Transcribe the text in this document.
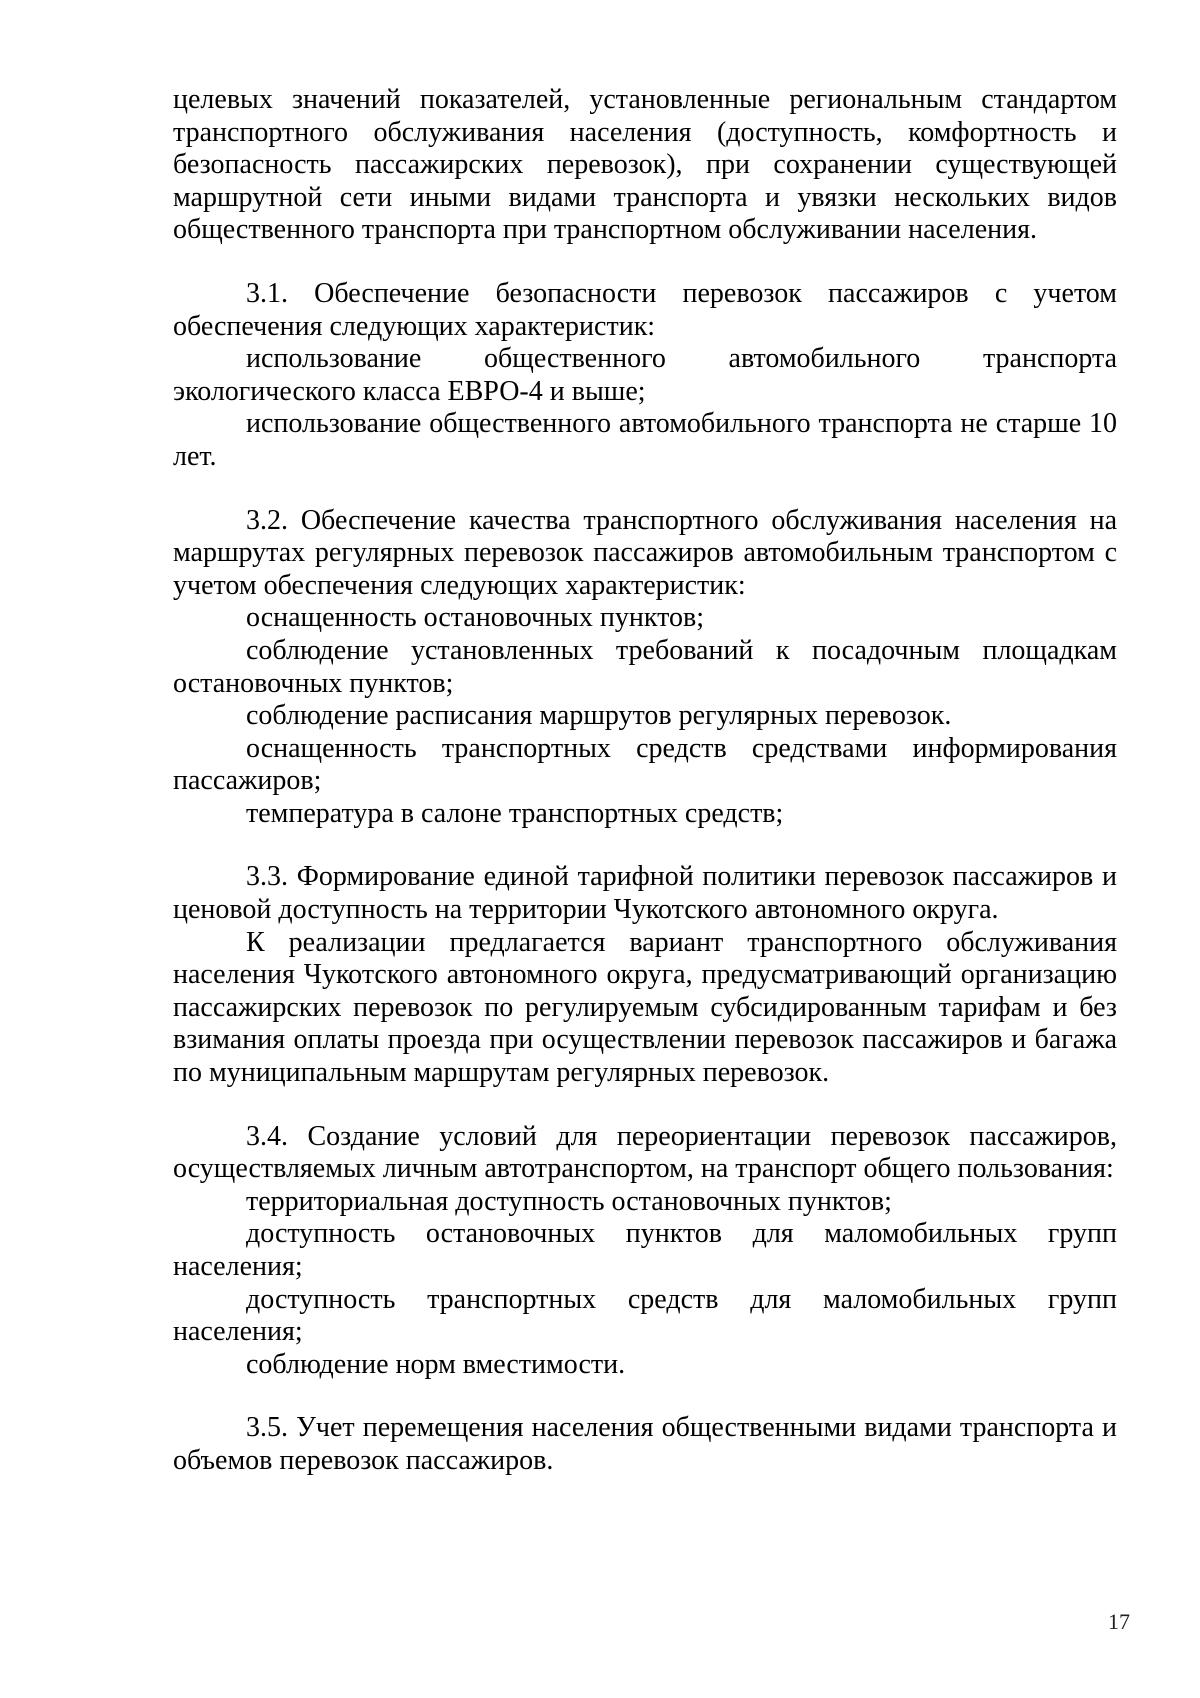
целевых значений показателей, установленные региональным стандартом транспортного обслуживания населения (доступность, комфортность и безопасность пассажирских перевозок), при сохранении существующей маршрутной сети иными видами транспорта и увязки нескольких видов общественного транспорта при транспортном обслуживании населения.

3.1. Обеспечение безопасности перевозок пассажиров с учетом обеспечения следующих характеристик:

использование общественного автомобильного транспорта экологического класса ЕВРО-4 и выше;

использование общественного автомобильного транспорта не старше 10 лет.

3.2. Обеспечение качества транспортного обслуживания населения на маршрутах регулярных перевозок пассажиров автомобильным транспортом с учетом обеспечения следующих характеристик:

оснащенность остановочных пунктов;

соблюдение установленных требований к посадочным площадкам остановочных пунктов;

соблюдение расписания маршрутов регулярных перевозок.

оснащенность транспортных средств средствами информирования пассажиров;

температура в салоне транспортных средств;

3.3. Формирование единой тарифной политики перевозок пассажиров и ценовой доступность на территории Чукотского автономного округа.

К реализации предлагается вариант транспортного обслуживания населения Чукотского автономного округа, предусматривающий организацию пассажирских перевозок по регулируемым субсидированным тарифам и без взимания оплаты проезда при осуществлении перевозок пассажиров и багажа по муниципальным маршрутам регулярных перевозок.

3.4. Создание условий для переориентации перевозок пассажиров, осуществляемых личным автотранспортом, на транспорт общего пользования:

территориальная доступность остановочных пунктов;

доступность остановочных пунктов для маломобильных групп населения;

доступность транспортных средств для маломобильных групп населения;

соблюдение норм вместимости.

3.5. Учет перемещения населения общественными видами транспорта и объемов перевозок пассажиров.

17
